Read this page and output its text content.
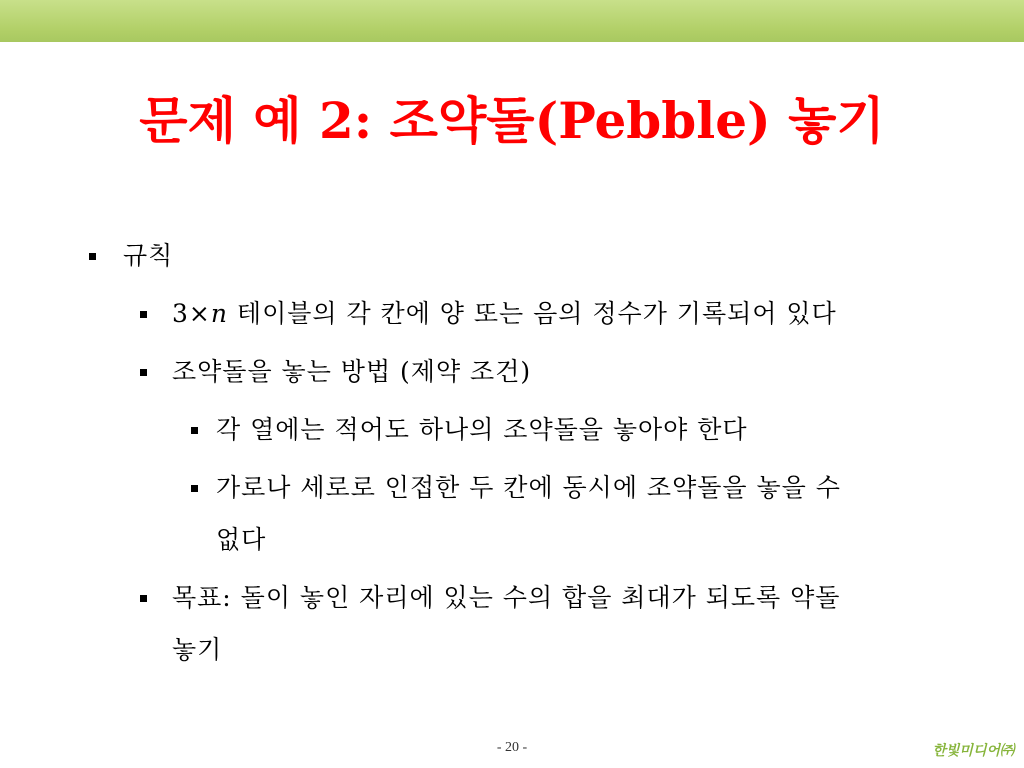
문제 예 2: 조약돌(Pebble) 놓기
규칙
3×n 테이블의 각 칸에 양 또는 음의 정수가 기록되어 있다
조약돌을 놓는 방법 (제약 조건)
각 열에는 적어도 하나의 조약돌을 놓아야 한다
가로나 세로로 인접한 두 칸에 동시에 조약돌을 놓을 수
없다
목표: 돌이 놓인 자리에 있는 수의 합을 최대가 되도록 약돌
놓기
- 20 -	한빛미디어㈜
